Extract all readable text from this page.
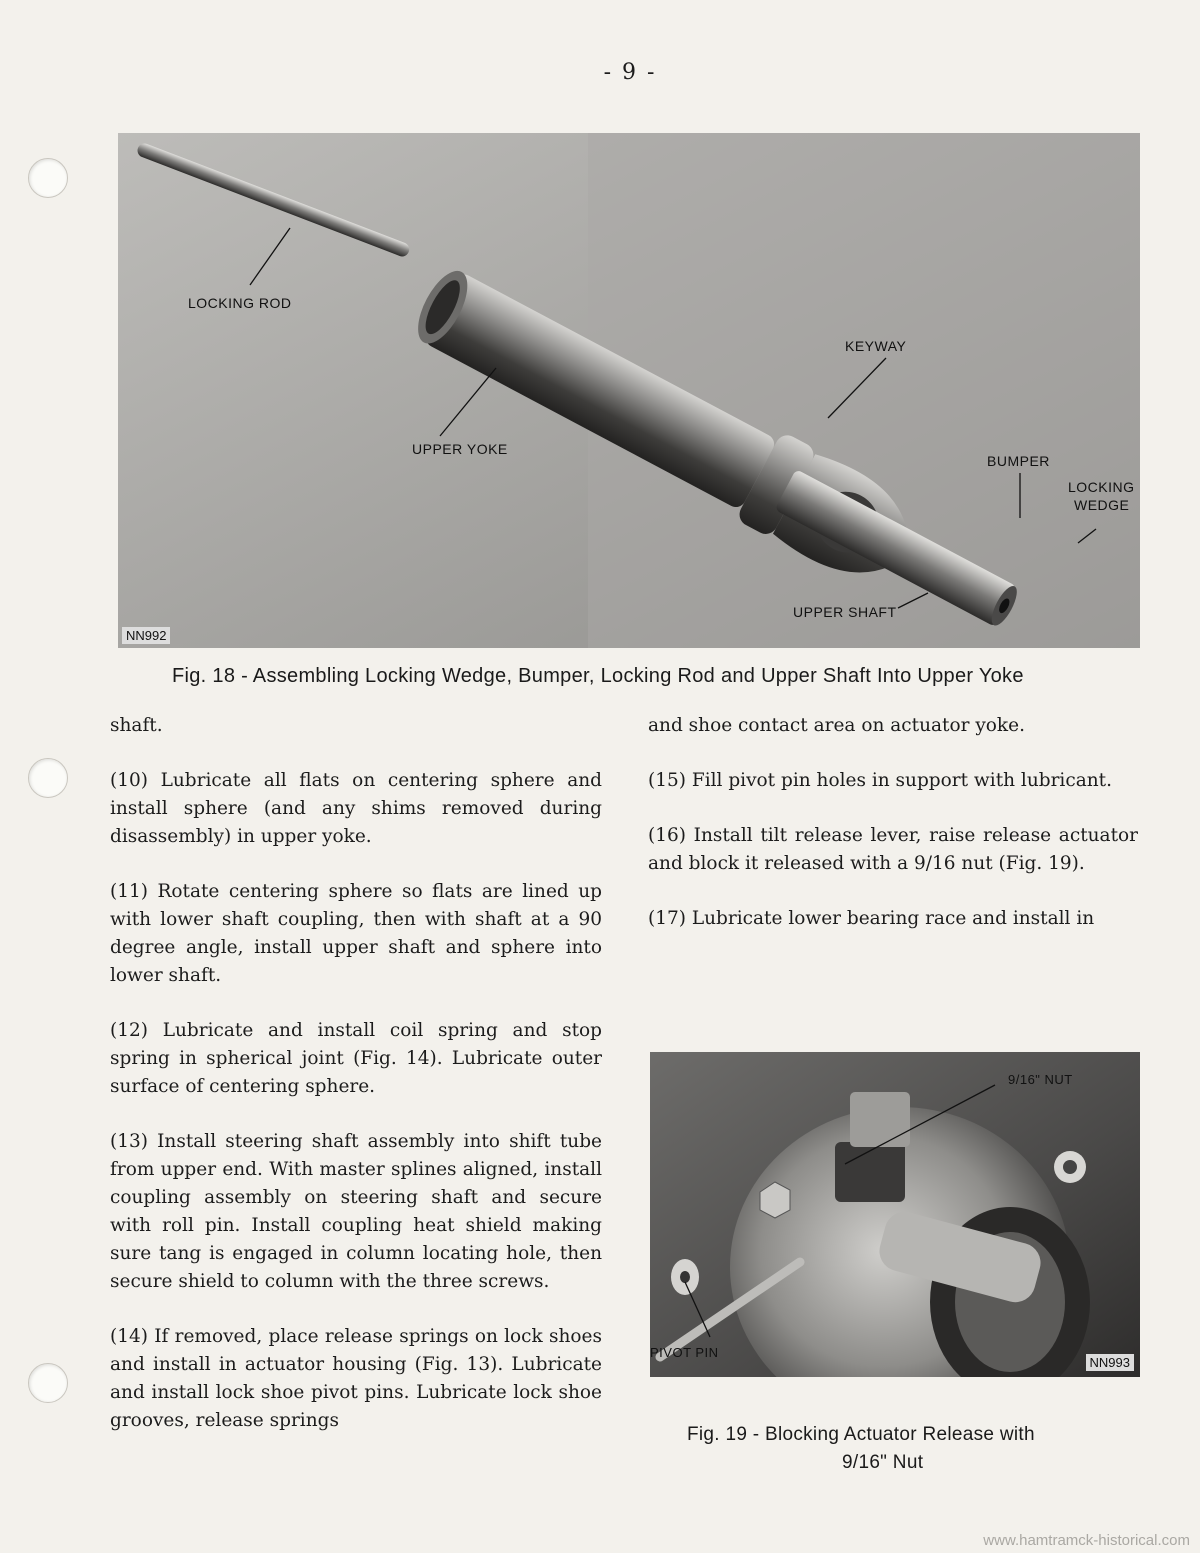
- 9 -
NN992
LOCKING ROD
KEYWAY
UPPER YOKE
BUMPER
LOCKING
WEDGE
UPPER SHAFT
Fig. 18 - Assembling Locking Wedge, Bumper, Locking Rod and Upper Shaft Into Upper Yoke

shaft.

(10) Lubricate all flats on centering sphere and install sphere (and any shims removed during disassembly) in upper yoke.

(11) Rotate centering sphere so flats are lined up with lower shaft coupling, then with shaft at a 90 degree angle, install upper shaft and sphere into lower shaft.

(12) Lubricate and install coil spring and stop spring in spherical joint (Fig. 14). Lubricate outer surface of centering sphere.

(13) Install steering shaft assembly into shift tube from upper end. With master splines aligned, install coupling assembly on steering shaft and secure with roll pin. Install coupling heat shield making sure tang is engaged in column locating hole, then secure shield to column with the three screws.

(14) If removed, place release springs on lock shoes and install in actuator housing (Fig. 13). Lubricate and install lock shoe pivot pins. Lubricate lock shoe grooves, release springs

and shoe contact area on actuator yoke.

(15) Fill pivot pin holes in support with lubricant.

(16) Install tilt release lever, raise release actuator and block it released with a 9/16 nut (Fig. 19).

(17) Lubricate lower bearing race and install in

9/16" NUT
PIVOT PIN
NN993
Fig. 19 - Blocking Actuator Release with
9/16" Nut
www.hamtramck-historical.com
